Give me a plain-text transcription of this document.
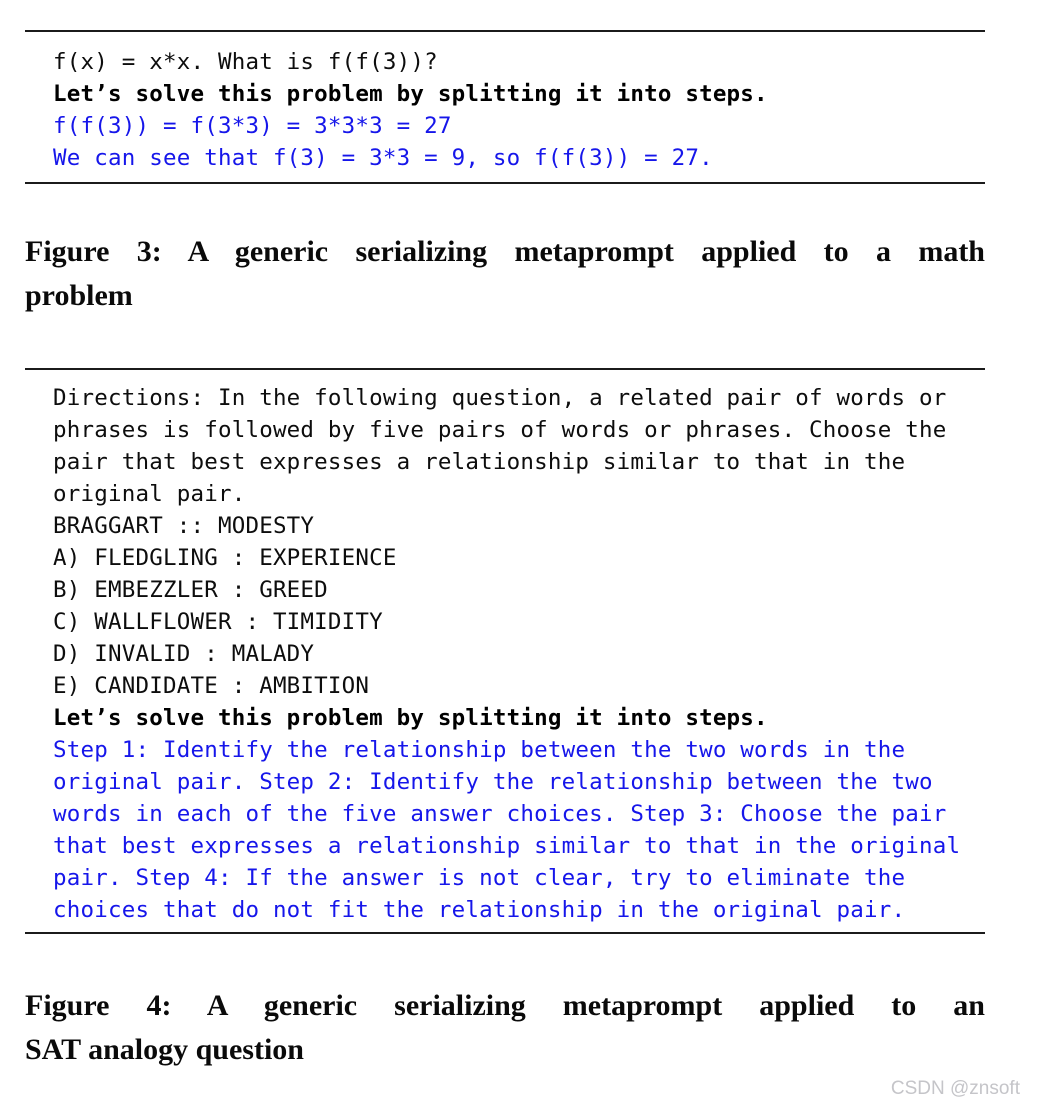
f(x) = x*x. What is f(f(3))?
Let’s solve this problem by splitting it into steps.
f(f(3)) = f(3*3) = 3*3*3 = 27
We can see that f(3) = 3*3 = 9, so f(f(3)) = 27.
Figure 3: A generic serializing metaprompt applied to a math
problem
Directions: In the following question, a related pair of words or
phrases is followed by five pairs of words or phrases. Choose the
pair that best expresses a relationship similar to that in the
original pair.
BRAGGART :: MODESTY
A) FLEDGLING : EXPERIENCE
B) EMBEZZLER : GREED
C) WALLFLOWER : TIMIDITY
D) INVALID : MALADY
E) CANDIDATE : AMBITION
Let’s solve this problem by splitting it into steps.
Step 1: Identify the relationship between the two words in the
original pair. Step 2: Identify the relationship between the two
words in each of the five answer choices. Step 3: Choose the pair
that best expresses a relationship similar to that in the original
pair. Step 4: If the answer is not clear, try to eliminate the
choices that do not fit the relationship in the original pair.
Figure 4: A generic serializing metaprompt applied to an
SAT analogy question
CSDN @znsoft
